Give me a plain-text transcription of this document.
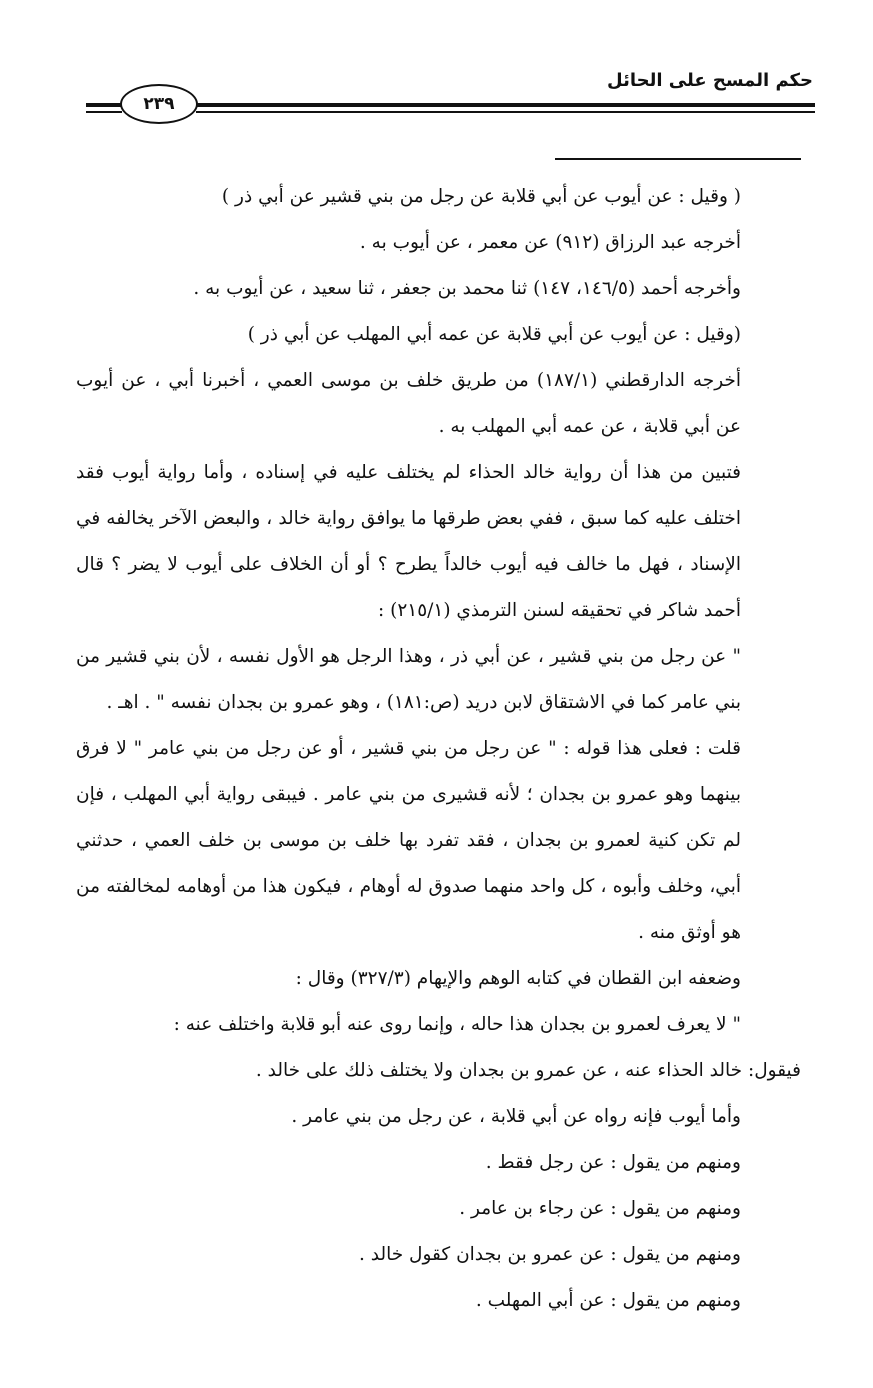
حكم المسح على الحائل
٢٣٩

( وقيل : عن أيوب عن أبي قلابة عن رجل من بني قشير عن أبي ذر )

أخرجه عبد الرزاق (٩١٢) عن معمر ، عن أيوب به .

وأخرجه أحمد (١٤٦/٥، ١٤٧) ثنا محمد بن جعفر ، ثنا سعيد ، عن أيوب به .

(وقيل : عن أيوب عن أبي قلابة عن عمه أبي المهلب عن أبي ذر )

أخرجه الدارقطني (١٨٧/١) من طريق خلف بن موسى العمي ، أخبرنا أبي ، عن أيوب عن أبي قلابة ، عن عمه أبي المهلب به .

فتبين من هذا أن رواية خالد الحذاء لم يختلف عليه في إسناده ، وأما رواية أيوب فقد اختلف عليه كما سبق ، ففي بعض طرقها ما يوافق رواية خالد ، والبعض الآخر يخالفه في الإسناد ، فهل ما خالف فيه أيوب خالداً يطرح ؟ أو أن الخلاف على أيوب لا يضر ؟ قال أحمد شاكر في تحقيقه لسنن الترمذي (٢١٥/١) :

" عن رجل من بني قشير ، عن أبي ذر ، وهذا الرجل هو الأول نفسه ، لأن بني قشير من بني عامر كما في الاشتقاق لابن دريد (ص:١٨١) ، وهو عمرو بن بجدان نفسه " . اهـ .

قلت : فعلى هذا قوله : " عن رجل من بني قشير ، أو عن رجل من بني عامر " لا فرق بينهما وهو عمرو بن بجدان ؛ لأنه قشيرى من بني عامر . فيبقى رواية أبي المهلب ، فإن لم تكن كنية لعمرو بن بجدان ، فقد تفرد بها خلف بن موسى بن خلف العمي ، حدثني أبي، وخلف وأبوه ، كل واحد منهما صدوق له أوهام ، فيكون هذا من أوهامه لمخالفته من هو أوثق منه .

وضعفه ابن القطان في كتابه الوهم والإيهام (٣٢٧/٣) وقال :

" لا يعرف لعمرو بن بجدان هذا حاله ، وإنما روى عنه أبو قلابة واختلف عنه :

فيقول: خالد الحذاء عنه ، عن عمرو بن بجدان ولا يختلف ذلك على خالد .

وأما أيوب فإنه رواه عن أبي قلابة ، عن رجل من بني عامر .

ومنهم من يقول : عن رجل فقط .

ومنهم من يقول : عن رجاء بن عامر .

ومنهم من يقول : عن عمرو بن بجدان كقول خالد .

ومنهم من يقول : عن أبي المهلب .
